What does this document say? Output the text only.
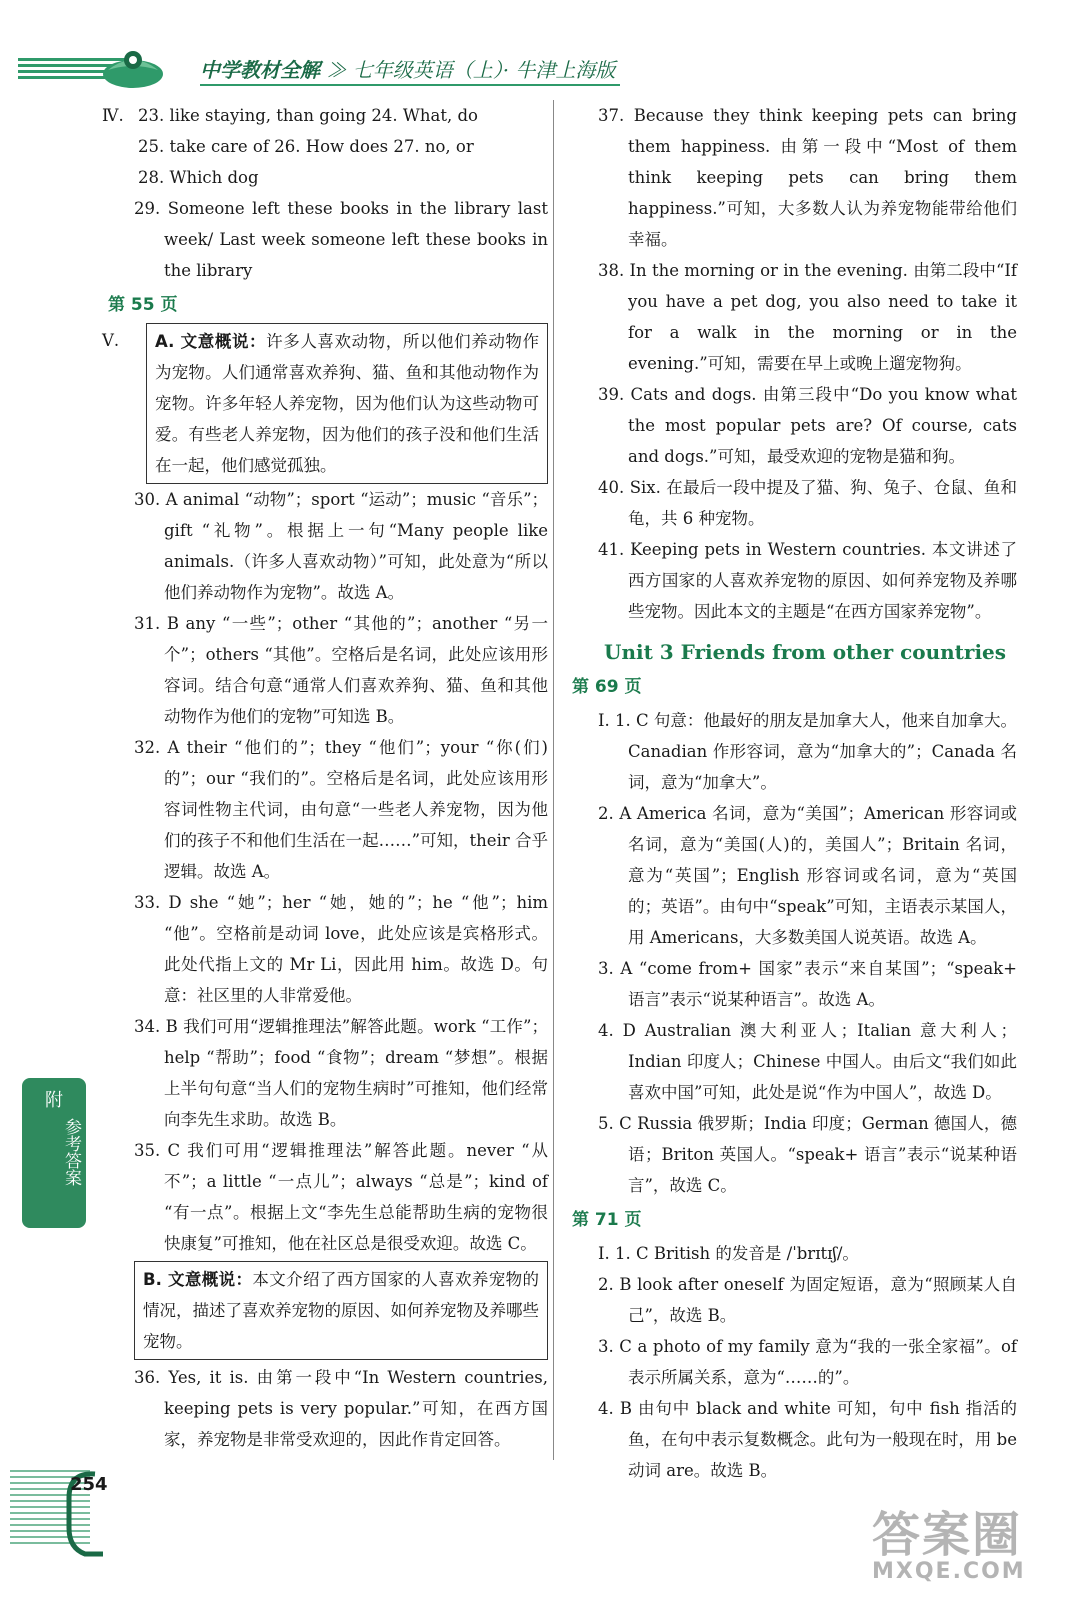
中学教材全解 ≫ 七年级英语（上）· 牛津上海版
Ⅳ. 23. like staying, than going 24. What, do
25. take care of 26. How does 27. no, or
28. Which dog
29. Someone left these books in the library last week/ Last week someone left these books in the library
第 55 页
Ⅴ.	A. 文意概说：许多人喜欢动物，所以他们养动物作为宠物。人们通常喜欢养狗、猫、鱼和其他动物作为宠物。许多年轻人养宠物，因为他们认为这些动物可爱。有些老人养宠物，因为他们的孩子没和他们生活在一起，他们感觉孤独。
30. A animal “动物”；sport “运动”；music “音乐”；gift “礼物”。根据上一句“Many people like animals.（许多人喜欢动物）”可知，此处意为“所以他们养动物作为宠物”。故选 A。
31. B any “一些”；other “其他的”；another “另一个”；others “其他”。空格后是名词，此处应该用形容词。结合句意“通常人们喜欢养狗、猫、鱼和其他动物作为他们的宠物”可知选 B。
32. A their “他们的”；they “他们”；your “你(们)的”；our “我们的”。空格后是名词，此处应该用形容词性物主代词，由句意“一些老人养宠物，因为他们的孩子不和他们生活在一起……”可知，their 合乎逻辑。故选 A。
33. D she “她”；her “她，她的”；he “他”；him “他”。空格前是动词 love，此处应该是宾格形式。此处代指上文的 Mr Li，因此用 him。故选 D。句意：社区里的人非常爱他。
34. B 我们可用“逻辑推理法”解答此题。work “工作”；help “帮助”；food “食物”；dream “梦想”。根据上半句句意“当人们的宠物生病时”可推知，他们经常向李先生求助。故选 B。
35. C 我们可用“逻辑推理法”解答此题。never “从不”；a little “一点儿”；always “总是”；kind of “有一点”。根据上文“李先生总能帮助生病的宠物很快康复”可推知，他在社区总是很受欢迎。故选 C。
B. 文意概说：本文介绍了西方国家的人喜欢养宠物的情况，描述了喜欢养宠物的原因、如何养宠物及养哪些宠物。
36. Yes, it is. 由第一段中“In Western countries, keeping pets is very popular.”可知，在西方国家，养宠物是非常受欢迎的，因此作肯定回答。
37. Because they think keeping pets can bring them happiness. 由第一段中“Most of them think keeping pets can bring them happiness.”可知，大多数人认为养宠物能带给他们幸福。
38. In the morning or in the evening. 由第二段中“If you have a pet dog, you also need to take it for a walk in the morning or in the evening.”可知，需要在早上或晚上遛宠物狗。
39. Cats and dogs. 由第三段中“Do you know what the most popular pets are? Of course, cats and dogs.”可知，最受欢迎的宠物是猫和狗。
40. Six. 在最后一段中提及了猫、狗、兔子、仓鼠、鱼和龟，共 6 种宠物。
41. Keeping pets in Western countries. 本文讲述了西方国家的人喜欢养宠物的原因、如何养宠物及养哪些宠物。因此本文的主题是“在西方国家养宠物”。
Unit 3 Friends from other countries
第 69 页
Ⅰ. 1. C 句意：他最好的朋友是加拿大人，他来自加拿大。Canadian 作形容词，意为“加拿大的”；Canada 名词，意为“加拿大”。
2. A America 名词，意为“美国”；American 形容词或名词，意为“美国(人)的，美国人”；Britain 名词，意为“英国”；English 形容词或名词，意为“英国的；英语”。由句中“speak”可知，主语表示某国人，用 Americans，大多数美国人说英语。故选 A。
3. A “come from+ 国家”表示“来自某国”；“speak+ 语言”表示“说某种语言”。故选 A。
4. D Australian 澳大利亚人；Italian 意大利人；Indian 印度人；Chinese 中国人。由后文“我们如此喜欢中国”可知，此处是说“作为中国人”，故选 D。
5. C Russia 俄罗斯；India 印度；German 德国人，德语；Briton 英国人。“speak+ 语言”表示“说某种语言”，故选 C。
第 71 页
Ⅰ. 1. C British 的发音是 /ˈbrɪtɪʃ/。
2. B look after oneself 为固定短语，意为“照顾某人自己”，故选 B。
3. C a photo of my family 意为“我的一张全家福”。of 表示所属关系，意为“……的”。
4. B 由句中 black and white 可知，句中 fish 指活的鱼，在句中表示复数概念。此句为一般现在时，用 be 动词 are。故选 B。
附
参考答案
254
答案圈
MXQE.COM
